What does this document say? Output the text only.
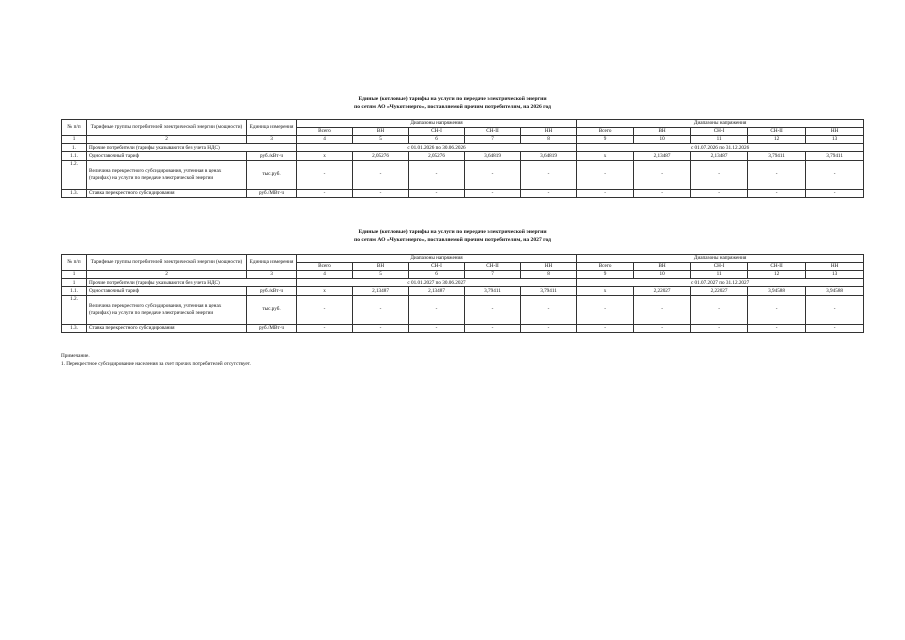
Единые (котловые) тарифы на услуги по передаче электрической энергии
по сетям АО «Чукотэнерго», поставляемой прочим потребителям, на 2026 год
№ п/п	Тарифные группы потребителей электрической энергии (мощности)	Единица измерения	Диапазоны напряжения					Диапазоны напряжения				
			Всего	ВН	СН-I	СН-II	НН	Всего	ВН	СН-I	СН-II	НН
1	2	3	4	5	6	7	8	9	10	11	12	13
1.	Прочие потребители (тарифы указываются без учета НДС)		с 01.01.2026 по 30.06.2026					с 01.07.2026 по 31.12.2026				
1.1.	Одноставочный тариф	руб./кВт·ч	x	2,05276	2,05276	3,64819	3,64819	x	2,13487	2,13487	3,79411	3,79411
1.2.	Величина перекрестного субсидирования, учтенная в ценах (тарифах) на услуги по передаче электрической энергии	тыс.руб.	-	-	-	-	-	-	-	-	-	-
1.3.	Ставка перекрестного субсидирования	руб./МВт·ч	-	-	-	-	-	-	-	-	-	-
Единые (котловые) тарифы на услуги по передаче электрической энергии
по сетям АО «Чукотэнерго», поставляемой прочим потребителям, на 2027 год
№ п/п	Тарифные группы потребителей электрической энергии (мощности)	Единица измерения	Диапазоны напряжения					Диапазоны напряжения				
			Всего	ВН	СН-I	СН-II	НН	Всего	ВН	СН-I	СН-II	НН
1	2	3	4	5	6	7	8	9	10	11	12	13
1	Прочие потребители (тарифы указываются без учета НДС)		с 01.01.2027 по 30.06.2027					с 01.07.2027 по 31.12.2027				
1.1.	Одноставочный тариф	руб./кВт·ч	x	2,13487	2,13487	3,79411	3,79411	x	2,22027	2,22027	3,94588	3,94588
1.2.	Величина перекрестного субсидирования, учтенная в ценах (тарифах) на услуги по передаче электрической энергии	тыс.руб.	-	-	-	-	-	-	-	-	-	-
1.3.	Ставка перекрестного субсидирования	руб./МВт·ч	-	-	-	-	-	-	-	-	-	-
Примечание.
1. Перекрестное субсидирование населения за счет прочих потребителей отсутствует.
